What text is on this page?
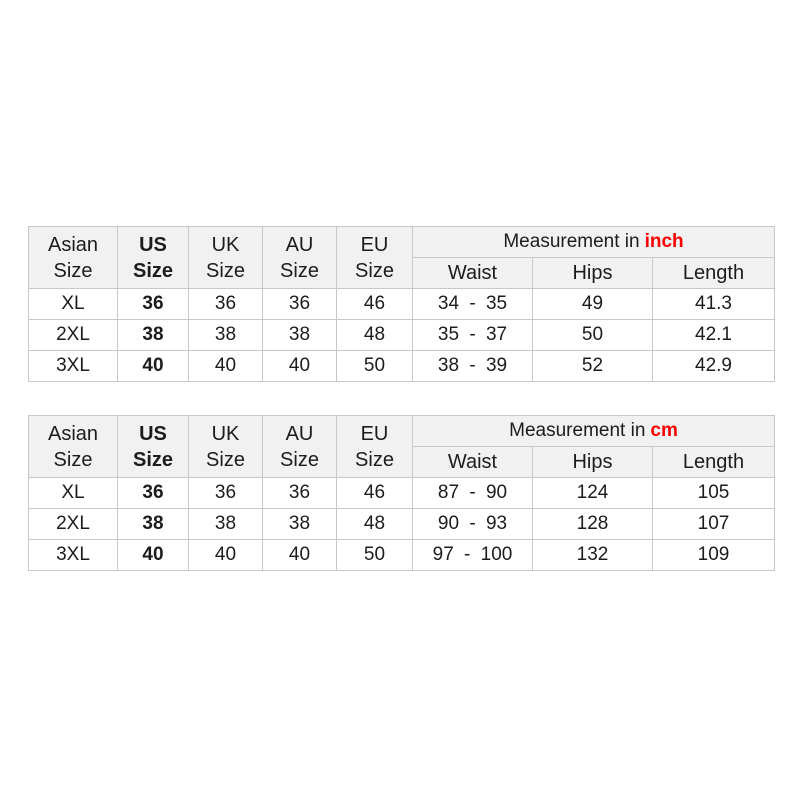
Asian Size	US Size	UK Size	AU Size	EU Size	Measurement in inch		
					Waist	Hips	Length
XL	36	36	36	46	34 - 35	49	41.3
2XL	38	38	38	48	35 - 37	50	42.1
3XL	40	40	40	50	38 - 39	52	42.9
Asian Size	US Size	UK Size	AU Size	EU Size	Measurement in cm		
					Waist	Hips	Length
XL	36	36	36	46	87 - 90	124	105
2XL	38	38	38	48	90 - 93	128	107
3XL	40	40	40	50	97 - 100	132	109
